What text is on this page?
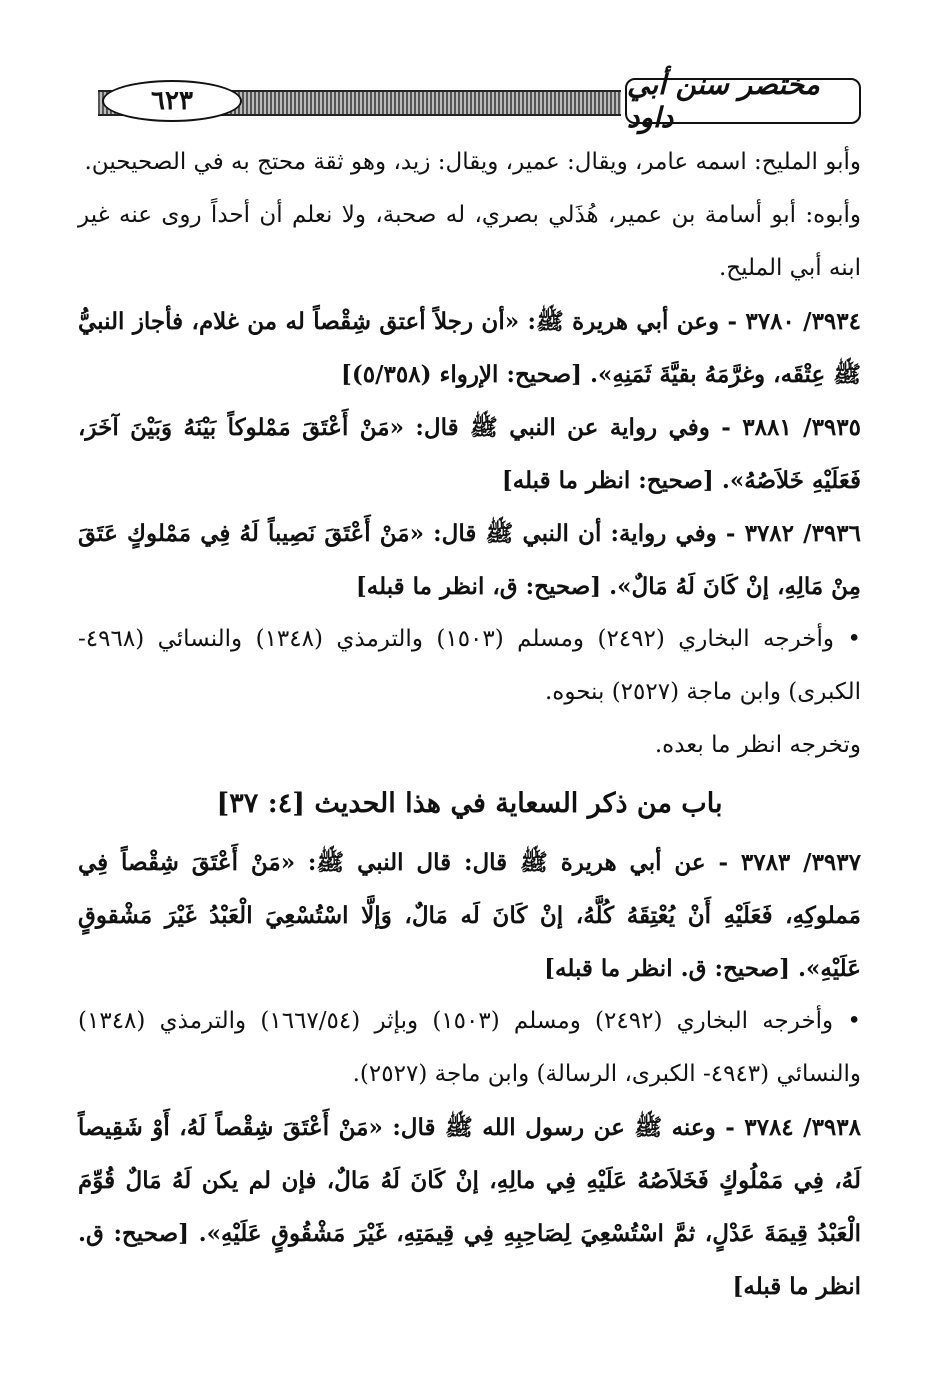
٦٢٣	مختصر سنن أبي داود

وأبو المليح: اسمه عامر، ويقال: عمير، ويقال: زيد، وهو ثقة محتج به في الصحيحين.

وأبوه: أبو أسامة بن عمير، هُذَلي بصري، له صحبة، ولا نعلم أن أحداً روى عنه غير ابنه أبي المليح.

٣٩٣٤/ ٣٧٨٠ - وعن أبي هريرة ﷺ: «أن رجلاً أعتق شِقْصاً له من غلام، فأجاز النبيُّ ﷺ عِتْقَه، وغرَّمَهُ بقيَّةَ ثَمَنِهِ». [صحيح: الإرواء (٥/٣٥٨)]

٣٩٣٥/ ٣٨٨١ - وفي رواية عن النبي ﷺ قال: «مَنْ أَعْتَقَ مَمْلوكاً بَيْنَهُ وَبَيْنَ آخَرَ، فَعَلَيْهِ خَلاَصُهُ». [صحيح: انظر ما قبله]

٣٩٣٦/ ٣٧٨٢ - وفي رواية: أن النبي ﷺ قال: «مَنْ أَعْتَقَ نَصِيباً لَهُ فِي مَمْلوكٍ عَتَقَ مِنْ مَالِهِ، إنْ كَانَ لَهُ مَالٌ». [صحيح: ق، انظر ما قبله]

• وأخرجه البخاري (٢٤٩٢) ومسلم (١٥٠٣) والترمذي (١٣٤٨) والنسائي (٤٩٦٨- الكبرى) وابن ماجة (٢٥٢٧) بنحوه.

وتخرجه انظر ما بعده.

باب من ذكر السعاية في هذا الحديث [٤: ٣٧]

٣٩٣٧/ ٣٧٨٣ - عن أبي هريرة ﷺ قال: قال النبي ﷺ: «مَنْ أَعْتَقَ شِقْصاً فِي مَملوكِهِ، فَعَلَيْهِ أَنْ يُعْتِقَهُ كُلَّهُ، إنْ كَانَ لَه مَالٌ، وَإلَّا اسْتُسْعِيَ الْعَبْدُ غَيْرَ مَشْقوقٍ عَلَيْهِ». [صحيح: ق. انظر ما قبله]

• وأخرجه البخاري (٢٤٩٢) ومسلم (١٥٠٣) وبإثر (١٦٦٧/٥٤) والترمذي (١٣٤٨) والنسائي (٤٩٤٣- الكبرى، الرسالة) وابن ماجة (٢٥٢٧).

٣٩٣٨/ ٣٧٨٤ - وعنه ﷺ عن رسول الله ﷺ قال: «مَنْ أَعْتَقَ شِقْصاً لَهُ، أَوْ شَقِيصاً لَهُ، فِي مَمْلُوكٍ فَخَلاَصُهُ عَلَيْهِ فِي مالِهِ، إنْ كَانَ لَهُ مَالٌ، فإن لم يكن لَهُ مَالٌ قُوِّمَ الْعَبْدُ قِيمَةَ عَدْلٍ، ثمَّ اسْتُسْعِيَ لِصَاحِبِهِ فِي قِيمَتِهِ، غَيْرَ مَشْقُوقٍ عَلَيْهِ». [صحيح: ق. انظر ما قبله]
